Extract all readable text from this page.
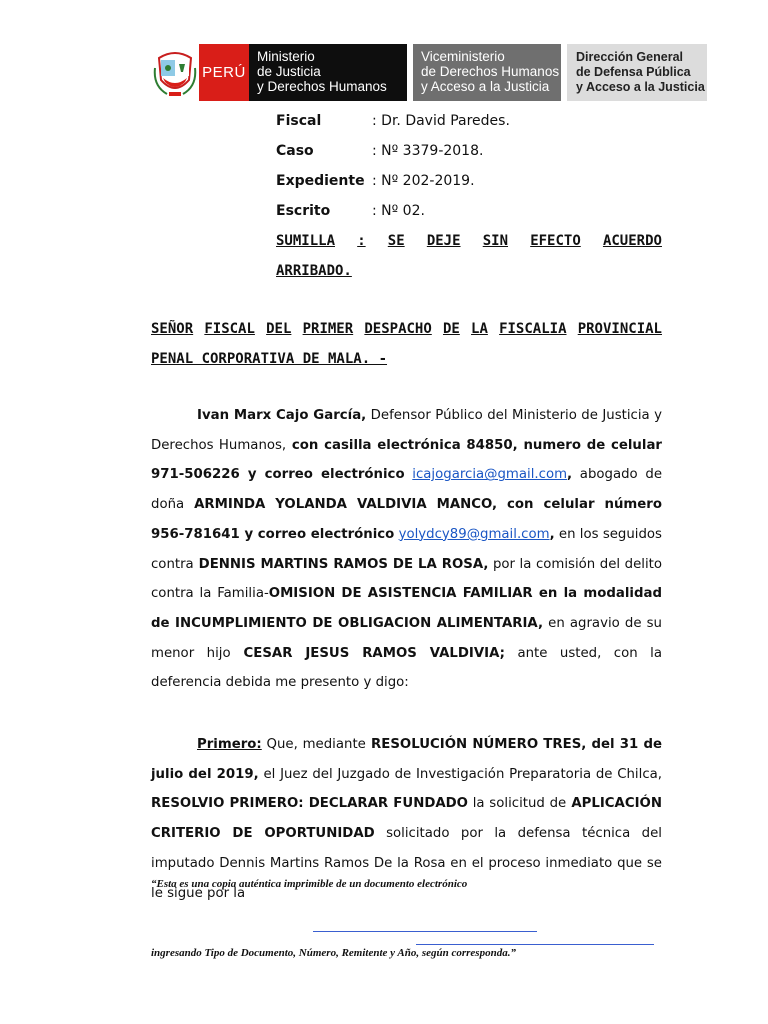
PERÚ
Ministerio
de Justicia
y Derechos Humanos
Viceministerio
de Derechos Humanos
y Acceso a la Justicia
Dirección General
de Defensa Pública
y Acceso a la Justicia
Fiscal	: Dr. David Paredes.
Caso	: Nº 3379-2018.
Expediente : Nº 202-2019.
Escrito	: Nº 02.
SUMILLA : SE DEJE SIN EFECTO ACUERDO
ARRIBADO.
SEÑOR FISCAL DEL PRIMER DESPACHO DE LA FISCALIA PROVINCIAL
PENAL CORPORATIVA DE MALA. -
Ivan Marx Cajo García, Defensor Público del Ministerio de Justicia y Derechos Humanos, con casilla electrónica 84850, numero de celular 971-506226 y correo electrónico icajogarcia@gmail.com, abogado de doña ARMINDA YOLANDA VALDIVIA MANCO, con celular número 956-781641 y correo electrónico yolydcy89@gmail.com, en los seguidos contra DENNIS MARTINS RAMOS DE LA ROSA, por la comisión del delito contra la Familia-OMISION DE ASISTENCIA FAMILIAR en la modalidad de INCUMPLIMIENTO DE OBLIGACION ALIMENTARIA, en agravio de su menor hijo CESAR JESUS RAMOS VALDIVIA; ante usted, con la deferencia debida me presento y digo:
Primero: Que, mediante RESOLUCIÓN NÚMERO TRES, del 31 de julio del 2019, el Juez del Juzgado de Investigación Preparatoria de Chilca, RESOLVIO PRIMERO: DECLARAR FUNDADO la solicitud de APLICACIÓN CRITERIO DE OPORTUNIDAD solicitado por la defensa técnica del imputado Dennis Martins Ramos De la Rosa en el proceso inmediato que se le sigue por la
“Esta es una copia auténtica imprimible de un documento electrónico
ingresando Tipo de Documento, Número, Remitente y Año, según corresponda.”
